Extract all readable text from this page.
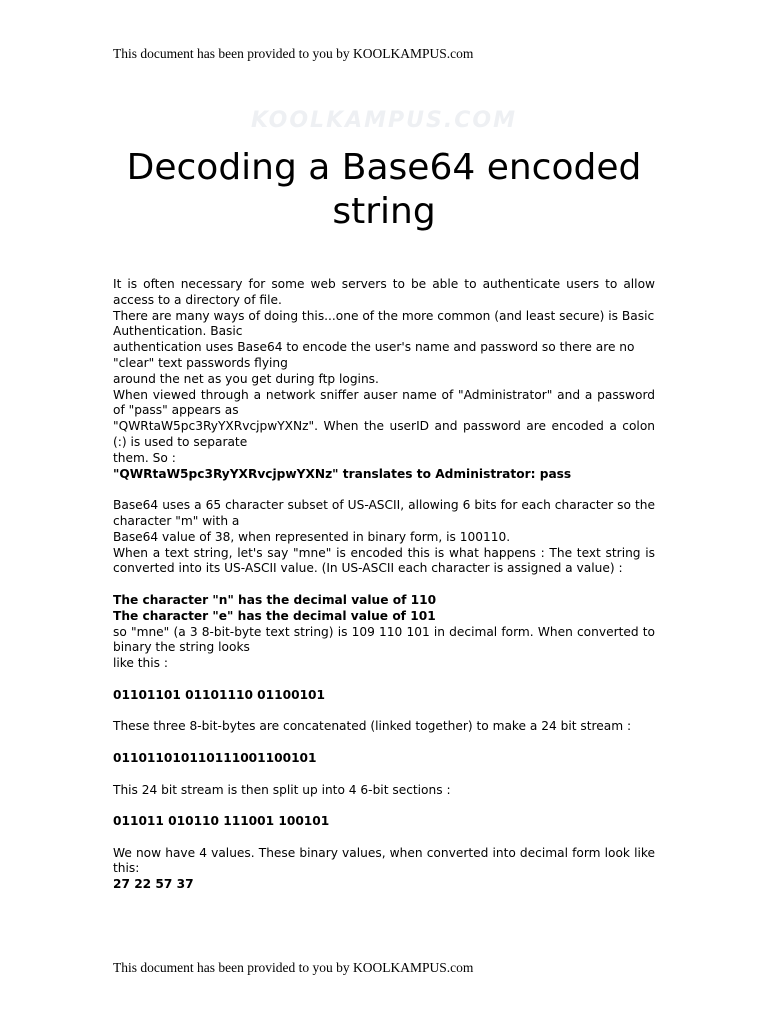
This document has been provided to you by KOOLKAMPUS.com
KOOLKAMPUS.COM
Decoding a Base64 encoded string

It is often necessary for some web servers to be able to authenticate users to allow access to a directory of file.

There are many ways of doing this...one of the more common (and least secure) is Basic Authentication. Basic

authentication uses Base64 to encode the user's name and password so there are no "clear" text passwords flying

around the net as you get during ftp logins.

When viewed through a network sniffer auser name of "Administrator" and a password of "pass" appears as

"QWRtaW5pc3RyYXRvcjpwYXNz". When the userID and password are encoded a colon (:) is used to separate

them. So :

"QWRtaW5pc3RyYXRvcjpwYXNz" translates to Administrator: pass

Base64 uses a 65 character subset of US-ASCII, allowing 6 bits for each character so the character "m" with a

Base64 value of 38, when represented in binary form, is 100110.

When a text string, let's say "mne" is encoded this is what happens : The text string is converted into its US-ASCII value. (In US-ASCII each character is assigned a value) :

The character "n" has the decimal value of 110

The character "e" has the decimal value of 101

so "mne" (a 3 8-bit-byte text string) is 109 110 101 in decimal form. When converted to binary the string looks

like this :

01101101 01101110 01100101

These three 8-bit-bytes are concatenated (linked together) to make a 24 bit stream :

011011010110111001100101

This 24 bit stream is then split up into 4 6-bit sections :

011011 010110 111001 100101

We now have 4 values. These binary values, when converted into decimal form look like this:

27 22 57 37

This document has been provided to you by KOOLKAMPUS.com
